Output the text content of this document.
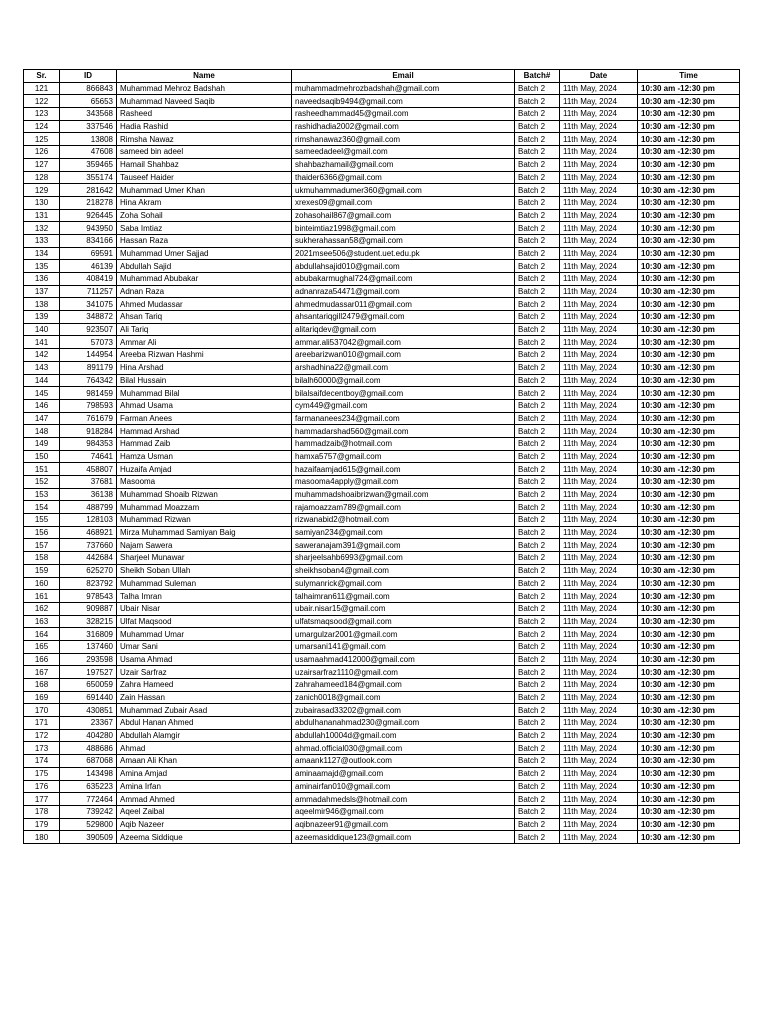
Sr.	ID	Name	Email	Batch#	Date	Time
121	866843	Muhammad Mehroz Badshah	muhammadmehrozbadshah@gmail.com	Batch 2	11th May, 2024	10:30 am -12:30 pm
122	65653	Muhammad Naveed Saqib	naveedsaqib9494@gmail.com	Batch 2	11th May, 2024	10:30 am -12:30 pm
123	343568	Rasheed	rasheedhammad45@gmail.com	Batch 2	11th May, 2024	10:30 am -12:30 pm
124	337546	Hadia Rashid	rashidhadia2002@gmail.com	Batch 2	11th May, 2024	10:30 am -12:30 pm
125	13808	Rimsha Nawaz	rimshanawaz360@gmail.com	Batch 2	11th May, 2024	10:30 am -12:30 pm
126	47608	sameed bin adeel	sameedadeel@gmail.com	Batch 2	11th May, 2024	10:30 am -12:30 pm
127	359465	Hamail Shahbaz	shahbazhamail@gmail.com	Batch 2	11th May, 2024	10:30 am -12:30 pm
128	355174	Tauseef Haider	thaider6366@gmail.com	Batch 2	11th May, 2024	10:30 am -12:30 pm
129	281642	Muhammad Umer Khan	ukmuhammadumer360@gmail.com	Batch 2	11th May, 2024	10:30 am -12:30 pm
130	218278	Hina Akram	xrexes09@gmail.com	Batch 2	11th May, 2024	10:30 am -12:30 pm
131	926445	Zoha Sohail	zohasohail867@gmail.com	Batch 2	11th May, 2024	10:30 am -12:30 pm
132	943950	Saba Imtiaz	binteimtiaz1998@gmail.com	Batch 2	11th May, 2024	10:30 am -12:30 pm
133	834166	Hassan Raza	sukherahassan58@gmail.com	Batch 2	11th May, 2024	10:30 am -12:30 pm
134	69591	Muhammad Umer Sajjad	2021msee506@student.uet.edu.pk	Batch 2	11th May, 2024	10:30 am -12:30 pm
135	46139	Abdullah Sajid	abdullahsajid010@gmail.com	Batch 2	11th May, 2024	10:30 am -12:30 pm
136	408419	Muhammad Abubakar	abubakarmughal724@gmail.com	Batch 2	11th May, 2024	10:30 am -12:30 pm
137	711257	Adnan Raza	adnanraza54471@gmail.com	Batch 2	11th May, 2024	10:30 am -12:30 pm
138	341075	Ahmed Mudassar	ahmedmudassar011@gmail.com	Batch 2	11th May, 2024	10:30 am -12:30 pm
139	348872	Ahsan Tariq	ahsantariqgill2479@gmail.com	Batch 2	11th May, 2024	10:30 am -12:30 pm
140	923507	Ali Tariq	alitariqdev@gmail.com	Batch 2	11th May, 2024	10:30 am -12:30 pm
141	57073	Ammar Ali	ammar.ali537042@gmail.com	Batch 2	11th May, 2024	10:30 am -12:30 pm
142	144954	Areeba Rizwan Hashmi	areebarizwan010@gmail.com	Batch 2	11th May, 2024	10:30 am -12:30 pm
143	891179	Hina Arshad	arshadhina22@gmail.com	Batch 2	11th May, 2024	10:30 am -12:30 pm
144	764342	Bilal Hussain	bilalh60000@gmail.com	Batch 2	11th May, 2024	10:30 am -12:30 pm
145	981459	Muhammad Bilal	bilalsaifdecentboy@gmail.com	Batch 2	11th May, 2024	10:30 am -12:30 pm
146	798593	Ahmad Usama	cym449@gmail.com	Batch 2	11th May, 2024	10:30 am -12:30 pm
147	761679	Farman Anees	farmananees234@gmail.com	Batch 2	11th May, 2024	10:30 am -12:30 pm
148	918284	Hammad Arshad	hammadarshad560@gmail.com	Batch 2	11th May, 2024	10:30 am -12:30 pm
149	984353	Hammad Zaib	hammadzaib@hotmail.com	Batch 2	11th May, 2024	10:30 am -12:30 pm
150	74641	Hamza Usman	hamxa5757@gmail.com	Batch 2	11th May, 2024	10:30 am -12:30 pm
151	458807	Huzaifa Amjad	hazaifaamjad615@gmail.com	Batch 2	11th May, 2024	10:30 am -12:30 pm
152	37681	Masooma	masooma4apply@gmail.com	Batch 2	11th May, 2024	10:30 am -12:30 pm
153	36138	Muhammad Shoaib Rizwan	muhammadshoaibrizwan@gmail.com	Batch 2	11th May, 2024	10:30 am -12:30 pm
154	488799	Muhammad Moazzam	rajamoazzam789@gmail.com	Batch 2	11th May, 2024	10:30 am -12:30 pm
155	128103	Muhammad Rizwan	rizwanabid2@hotmail.com	Batch 2	11th May, 2024	10:30 am -12:30 pm
156	468921	Mirza Muhammad Samiyan Baig	samiyan234@gmail.com	Batch 2	11th May, 2024	10:30 am -12:30 pm
157	737660	Najam Sawera	saweranajam391@gmail.com	Batch 2	11th May, 2024	10:30 am -12:30 pm
158	442684	Sharjeel Munawar	sharjeelsahb6993@gmail.com	Batch 2	11th May, 2024	10:30 am -12:30 pm
159	625270	Sheikh Soban Ullah	sheikhsoban4@gmail.com	Batch 2	11th May, 2024	10:30 am -12:30 pm
160	823792	Muhammad Suleman	sulymanrick@gmail.com	Batch 2	11th May, 2024	10:30 am -12:30 pm
161	978543	Talha Imran	talhaimran611@gmail.com	Batch 2	11th May, 2024	10:30 am -12:30 pm
162	909887	Ubair Nisar	ubair.nisar15@gmail.com	Batch 2	11th May, 2024	10:30 am -12:30 pm
163	328215	Ulfat Maqsood	ulfatsmaqsood@gmail.com	Batch 2	11th May, 2024	10:30 am -12:30 pm
164	316809	Muhammad Umar	umargulzar2001@gmail.com	Batch 2	11th May, 2024	10:30 am -12:30 pm
165	137460	Umar Sani	umarsani141@gmail.com	Batch 2	11th May, 2024	10:30 am -12:30 pm
166	293598	Usama Ahmad	usamaahmad412000@gmail.com	Batch 2	11th May, 2024	10:30 am -12:30 pm
167	197527	Uzair Sarfraz	uzairsarfraz1110@gmail.com	Batch 2	11th May, 2024	10:30 am -12:30 pm
168	650059	Zahra Hameed	zahrahameed184@gmail.com	Batch 2	11th May, 2024	10:30 am -12:30 pm
169	691440	Zain Hassan	zanich0018@gmail.com	Batch 2	11th May, 2024	10:30 am -12:30 pm
170	430851	Muhammad Zubair Asad	zubairasad33202@gmail.com	Batch 2	11th May, 2024	10:30 am -12:30 pm
171	23367	Abdul Hanan Ahmed	abdulhananahmad230@gmail.com	Batch 2	11th May, 2024	10:30 am -12:30 pm
172	404280	Abdullah Alamgir	abdullah10004d@gmail.com	Batch 2	11th May, 2024	10:30 am -12:30 pm
173	488686	Ahmad	ahmad.official030@gmail.com	Batch 2	11th May, 2024	10:30 am -12:30 pm
174	687068	Amaan Ali Khan	amaank1127@outlook.com	Batch 2	11th May, 2024	10:30 am -12:30 pm
175	143498	Amina Amjad	aminaamajd@gmail.com	Batch 2	11th May, 2024	10:30 am -12:30 pm
176	635223	Amina Irfan	aminairfan010@gmail.com	Batch 2	11th May, 2024	10:30 am -12:30 pm
177	772464	Ammad Ahmed	ammadahmedsls@hotmail.com	Batch 2	11th May, 2024	10:30 am -12:30 pm
178	739242	Aqeel Zaibal	aqeelmir946@gmail.com	Batch 2	11th May, 2024	10:30 am -12:30 pm
179	529800	Aqib Nazeer	aqibnazeer91@gmail.com	Batch 2	11th May, 2024	10:30 am -12:30 pm
180	390509	Azeema Siddique	azeemasiddique123@gmail.com	Batch 2	11th May, 2024	10:30 am -12:30 pm
